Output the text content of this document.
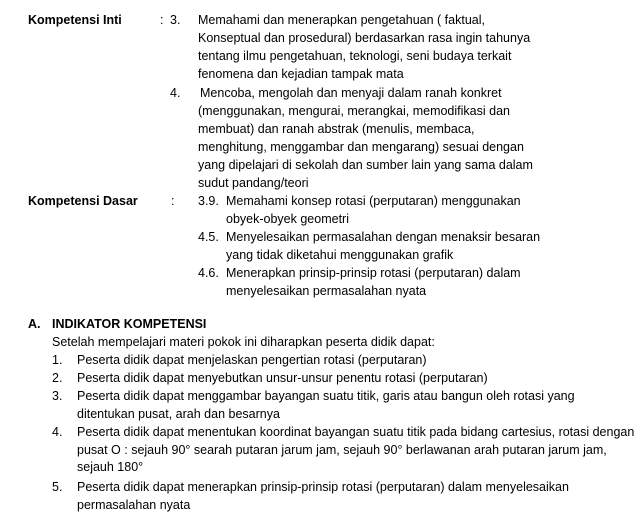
Kompetensi Inti	: 3. Memahami dan menerapkan pengetahuan ( faktual,
Konseptual dan prosedural) berdasarkan rasa ingin tahunya
tentang ilmu pengetahuan, teknologi, seni budaya terkait
fenomena dan kejadian tampak mata
4. Mencoba, mengolah dan menyaji dalam ranah konkret
(menggunakan, mengurai, merangkai, memodifikasi dan
membuat) dan ranah abstrak (menulis, membaca,
menghitung, menggambar dan mengarang) sesuai dengan
yang dipelajari di sekolah dan sumber lain yang sama dalam
sudut pandang/teori
Kompetensi Dasar	: 3.9. Memahami konsep rotasi (perputaran) menggunakan
obyek-obyek geometri
4.5. Menyelesaikan permasalahan dengan menaksir besaran
yang tidak diketahui menggunakan grafik
4.6. Menerapkan prinsip-prinsip rotasi (perputaran) dalam
menyelesaikan permasalahan nyata
A. INDIKATOR KOMPETENSI
Setelah mempelajari materi pokok ini diharapkan peserta didik dapat:
1. Peserta didik dapat menjelaskan pengertian rotasi (perputaran)
2. Peserta didik dapat menyebutkan unsur-unsur penentu rotasi (perputaran)
3. Peserta didik dapat menggambar bayangan suatu titik, garis atau bangun oleh rotasi yang ditentukan pusat, arah dan besarnya
4. Peserta didik dapat menentukan koordinat bayangan suatu titik pada bidang cartesius, rotasi dengan pusat O : sejauh 90° searah putaran jarum jam, sejauh 90° berlawanan arah putaran jarum jam, sejauh 180°
5. Peserta didik dapat menerapkan prinsip-prinsip rotasi (perputaran) dalam menyelesaikan permasalahan nyata
